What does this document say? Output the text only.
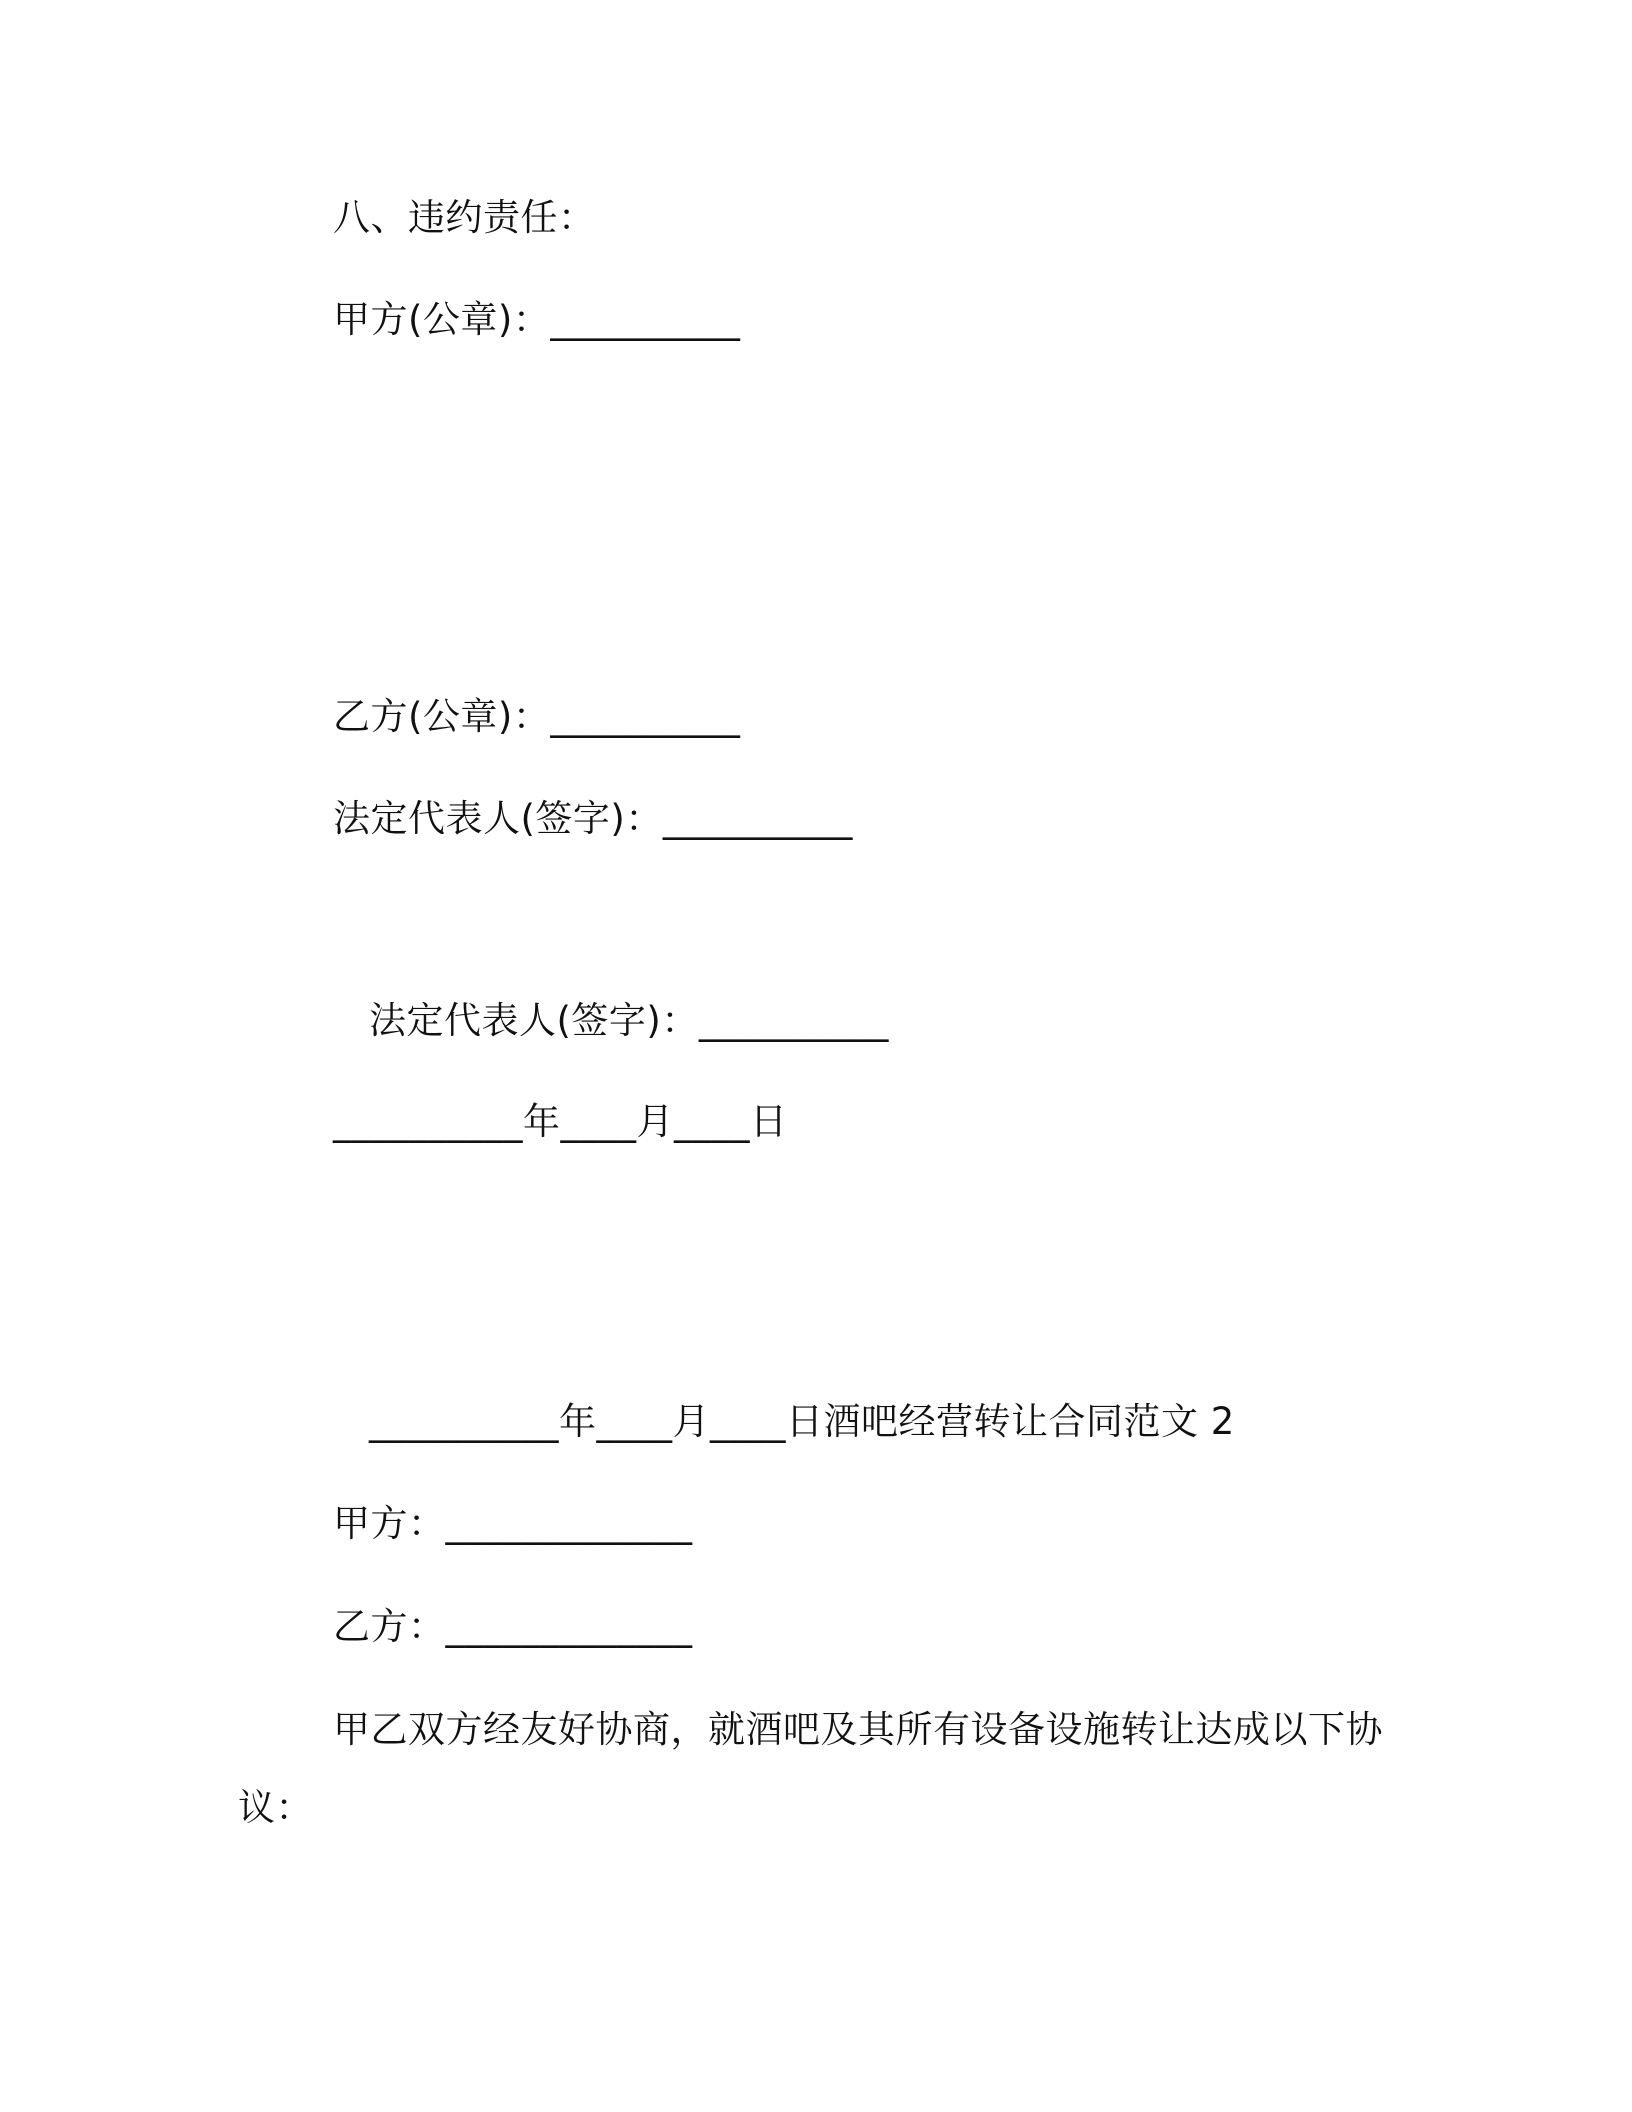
八、违约责任：
甲方(公章)：__________
乙方(公章)：__________
法定代表人(签字)：__________
法定代表人(签字)：__________
__________年____月____日
__________年____月____日酒吧经营转让合同范文 2
甲方：_____________
乙方：_____________
甲乙双方经友好协商，就酒吧及其所有设备设施转让达成以下协
议：
